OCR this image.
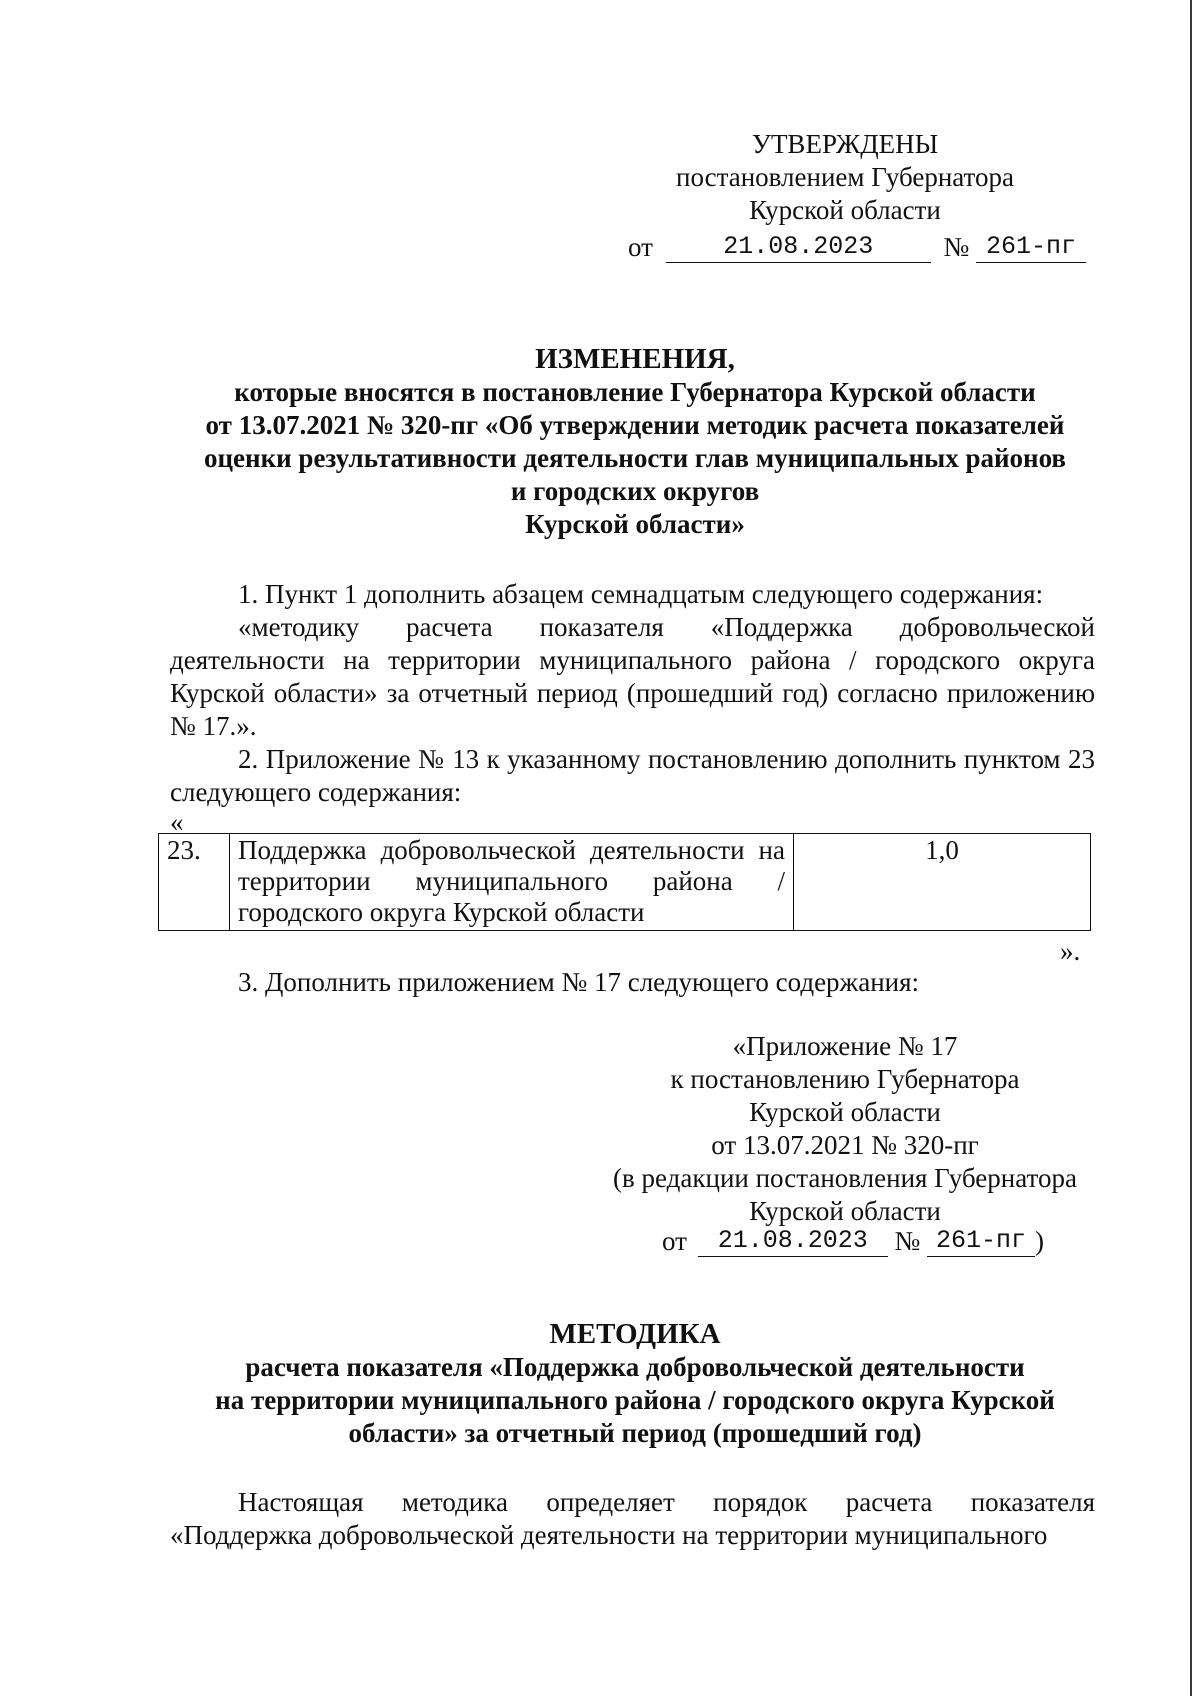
УТВЕРЖДЕНЫ
постановлением Губернатора
Курской области
от	21.08.2023	№ 261-пг
ИЗМЕНЕНИЯ,
которые вносятся в постановление Губернатора Курской области
от 13.07.2021 № 320-пг «Об утверждении методик расчета показателей
оценки результативности деятельности глав муниципальных районов
и городских округов
Курской области»
1. Пункт 1 дополнить абзацем семнадцатым следующего содержания:
«методику расчета показателя «Поддержка добровольческой деятельности на территории муниципального района / городского округа Курской области» за отчетный период (прошедший год) согласно приложению № 17.».
2. Приложение № 13 к указанному постановлению дополнить пунктом 23 следующего содержания:
«
23.	Поддержка добровольческой деятельности на территории муниципального района / городского округа Курской области	1,0
».
3. Дополнить приложением № 17 следующего содержания:
«Приложение № 17
к постановлению Губернатора
Курской области
от 13.07.2021 № 320-пг
(в редакции постановления Губернатора
Курской области
от 21.08.2023 № 261-пг )
МЕТОДИКА
расчета показателя «Поддержка добровольческой деятельности
на территории муниципального района / городского округа Курской
области» за отчетный период (прошедший год)
Настоящая методика определяет порядок расчета показателя
«Поддержка добровольческой деятельности на территории муниципального
